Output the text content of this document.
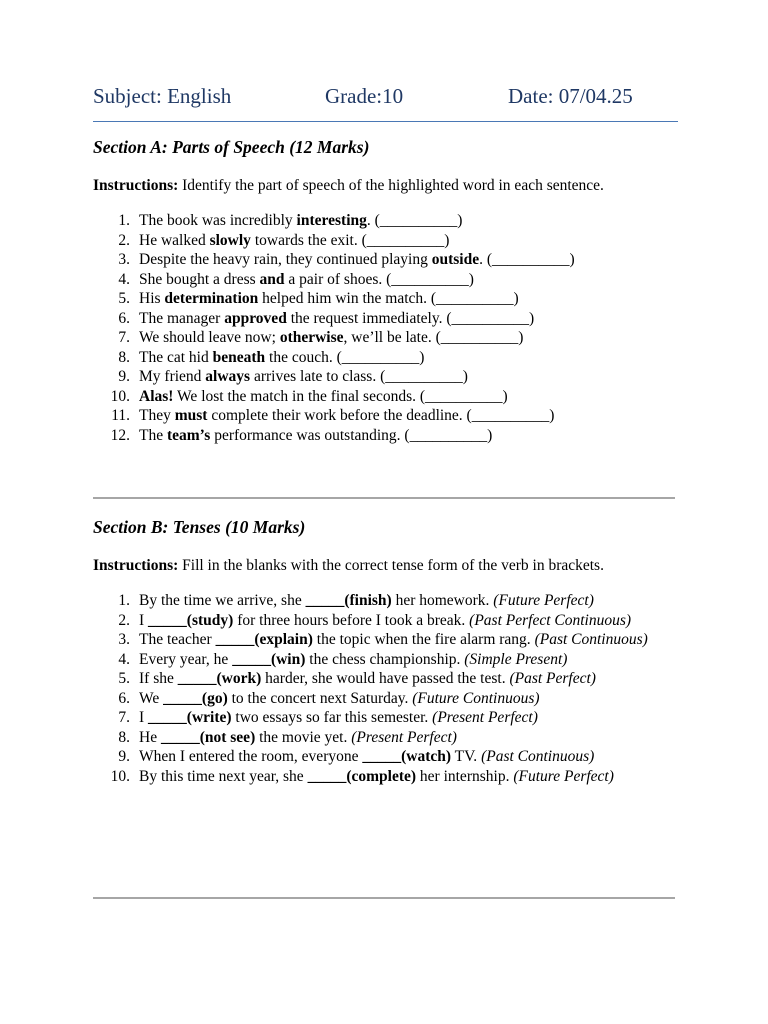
Subject: English	Grade:10	Date: 07/04.25
Section A: Parts of Speech (12 Marks)

Instructions: Identify the part of speech of the highlighted word in each sentence.

1. The book was incredibly interesting. (__________)
2. He walked slowly towards the exit. (__________)
3. Despite the heavy rain, they continued playing outside. (__________)
4. She bought a dress and a pair of shoes. (__________)
5. His determination helped him win the match. (__________)
6. The manager approved the request immediately. (__________)
7. We should leave now; otherwise, we’ll be late. (__________)
8. The cat hid beneath the couch. (__________)
9. My friend always arrives late to class. (__________)
10. Alas! We lost the match in the final seconds. (__________)
11. They must complete their work before the deadline. (__________)
12. The team’s performance was outstanding. (__________)
Section B: Tenses (10 Marks)

Instructions: Fill in the blanks with the correct tense form of the verb in brackets.

1. By the time we arrive, she _____(finish) her homework. (Future Perfect)
2. I _____(study) for three hours before I took a break. (Past Perfect Continuous)
3. The teacher _____(explain) the topic when the fire alarm rang. (Past Continuous)
4. Every year, he _____(win) the chess championship. (Simple Present)
5. If she _____(work) harder, she would have passed the test. (Past Perfect)
6. We _____(go) to the concert next Saturday. (Future Continuous)
7. I _____(write) two essays so far this semester. (Present Perfect)
8. He _____(not see) the movie yet. (Present Perfect)
9. When I entered the room, everyone _____(watch) TV. (Past Continuous)
10. By this time next year, she _____(complete) her internship. (Future Perfect)
